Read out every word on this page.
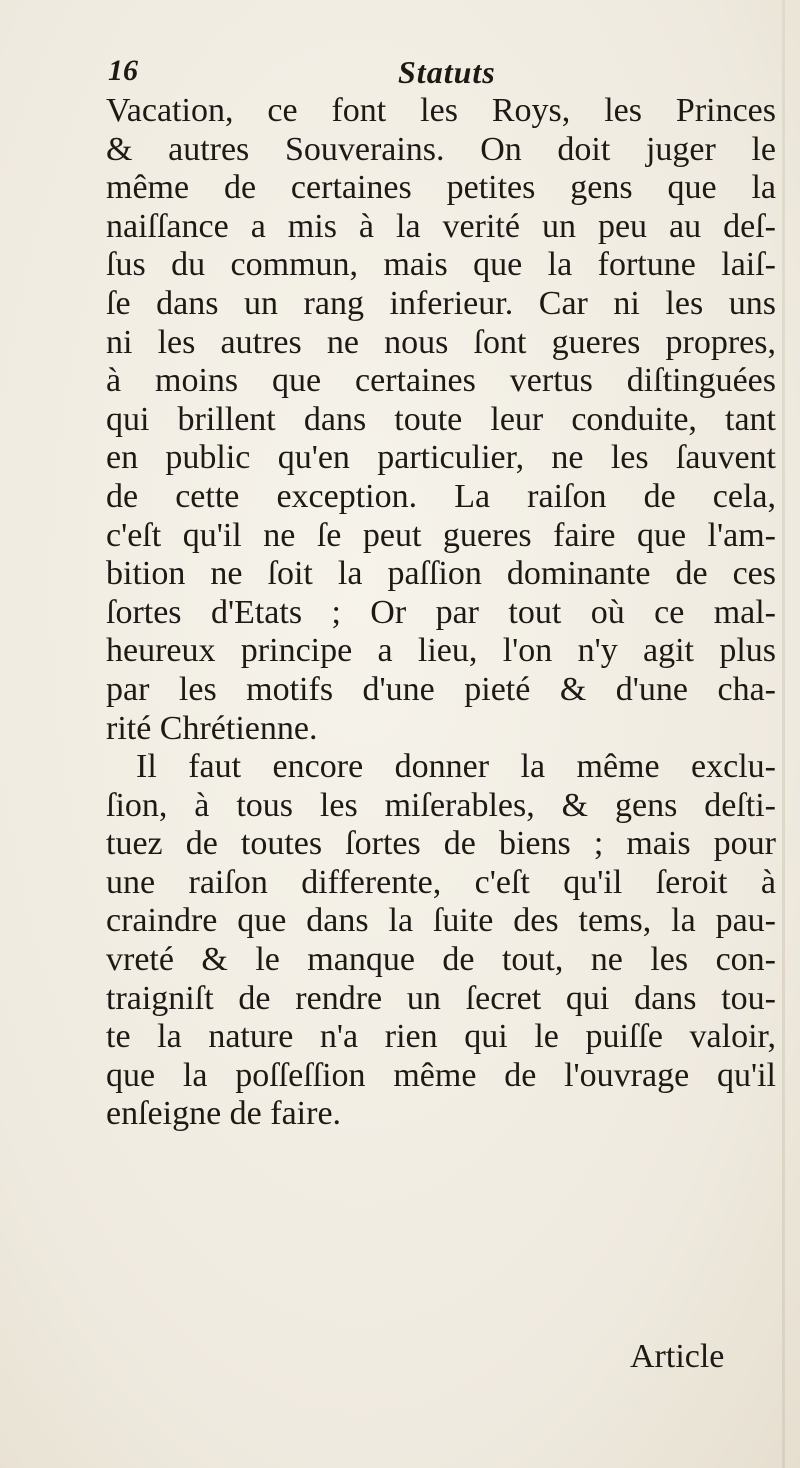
16	Statuts
Vacation, ce font les Roys, les Princes
& autres Souverains. On doit juger le
même de certaines petites gens que la
naiſſance a mis à la verité un peu au deſ-
ſus du commun, mais que la fortune laiſ-
ſe dans un rang inferieur. Car ni les uns
ni les autres ne nous ſont gueres propres,
à moins que certaines vertus diſtinguées
qui brillent dans toute leur conduite, tant
en public qu'en particulier, ne les ſauvent
de cette exception. La raiſon de cela,
c'eſt qu'il ne ſe peut gueres faire que l'am-
bition ne ſoit la paſſion dominante de ces
ſortes d'Etats ; Or par tout où ce mal-
heureux principe a lieu, l'on n'y agit plus
par les motifs d'une pieté & d'une cha-
rité Chrétienne.
Il faut encore donner la même exclu-
ſion, à tous les miſerables, & gens deſti-
tuez de toutes ſortes de biens ; mais pour
une raiſon differente, c'eſt qu'il ſeroit à
craindre que dans la ſuite des tems, la pau-
vreté & le manque de tout, ne les con-
traigniſt de rendre un ſecret qui dans tou-
te la nature n'a rien qui le puiſſe valoir,
que la poſſeſſion même de l'ouvrage qu'il
enſeigne de faire.
Article
